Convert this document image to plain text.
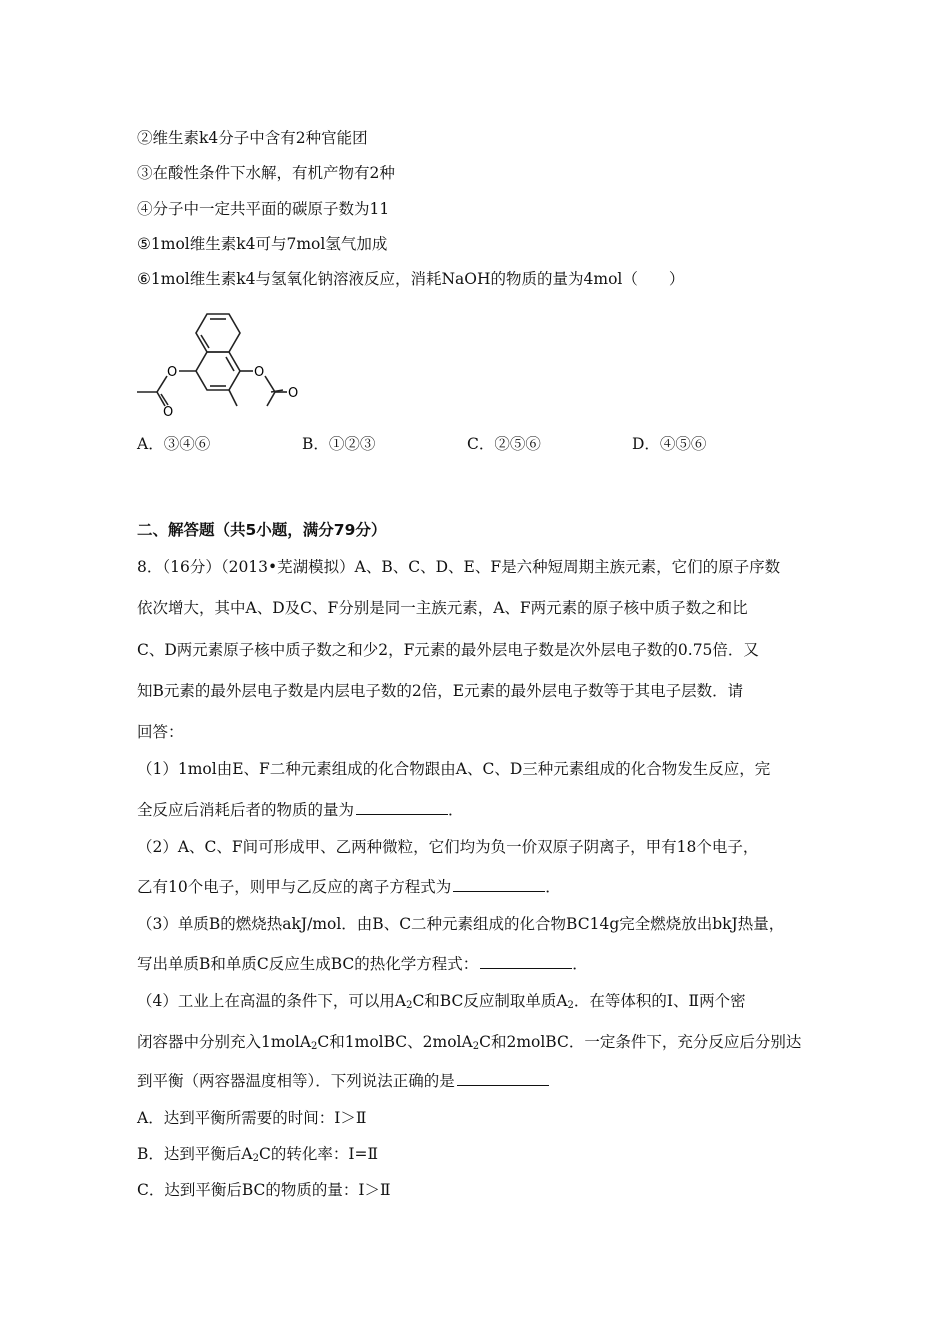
②维生素k4分子中含有2种官能团
③在酸性条件下水解，有机产物有2种
④分子中一定共平面的碳原子数为11
⑤1mol维生素k4可与7mol氢气加成
⑥1mol维生素k4与氢氧化钠溶液反应，消耗NaOH的物质的量为4mol（　　）
O
O
O
O
A．③④⑥	B．①②③	C．②⑤⑥	D．④⑤⑥
二、解答题（共5小题，满分79分）
8．（16分）（2013•芜湖模拟）A、B、C、D、E、F是六种短周期主族元素，它们的原子序数
依次增大，其中A、D及C、F分别是同一主族元素，A、F两元素的原子核中质子数之和比
C、D两元素原子核中质子数之和少2，F元素的最外层电子数是次外层电子数的0.75倍．又
知B元素的最外层电子数是内层电子数的2倍，E元素的最外层电子数等于其电子层数．请
回答：
（1）1mol由E、F二种元素组成的化合物跟由A、C、D三种元素组成的化合物发生反应，完
全反应后消耗后者的物质的量为	．
（2）A、C、F间可形成甲、乙两种微粒，它们均为负一价双原子阴离子，甲有18个电子，
乙有10个电子，则甲与乙反应的离子方程式为	．
（3）单质B的燃烧热akJ/mol．由B、C二种元素组成的化合物BC14g完全燃烧放出bkJ热量，
写出单质B和单质C反应生成BC的热化学方程式：	．
（4）工业上在高温的条件下，可以用$A_2C$和BC反应制取单质$A_2$．在等体积的Ⅰ、Ⅱ两个密
闭容器中分别充入1molA$_2$C和1molBC、2molA$_2$C和2molBC．一定条件下，充分反应后分别达
到平衡（两容器温度相等）．下列说法正确的是
A．达到平衡所需要的时间：Ⅰ＞Ⅱ
B．达到平衡后$A_2C$的转化率：Ⅰ=Ⅱ
C．达到平衡后BC的物质的量：Ⅰ＞Ⅱ
